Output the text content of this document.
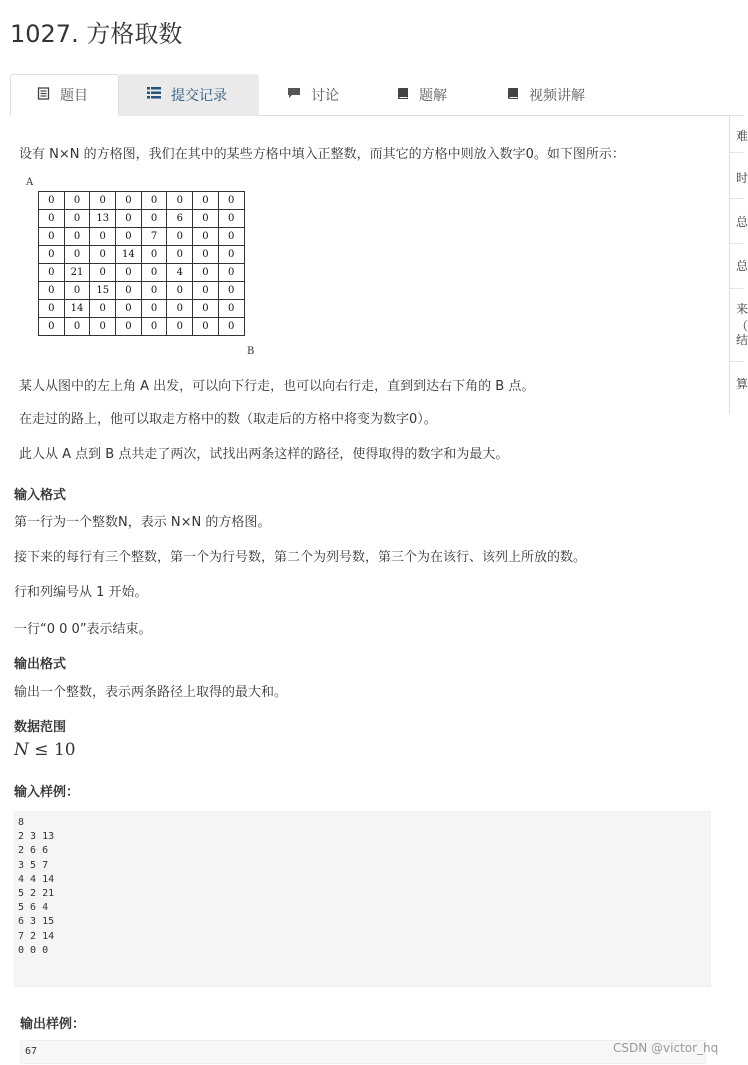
1027. 方格取数
题目	提交记录	讨论	题解	视频讲解
难
时
总
总
来
（
结
算
设有 N×N 的方格图，我们在其中的某些方格中填入正整数，而其它的方格中则放入数字0。如下图所示：
A
0	0	0	0	0	0	0	0
0	0	13	0	0	6	0	0
0	0	0	0	7	0	0	0
0	0	0	14	0	0	0	0
0	21	0	0	0	4	0	0
0	0	15	0	0	0	0	0
0	14	0	0	0	0	0	0
0	0	0	0	0	0	0	0
B
某人从图中的左上角 A 出发，可以向下行走，也可以向右行走，直到到达右下角的 B 点。
在走过的路上，他可以取走方格中的数（取走后的方格中将变为数字0）。
此人从 A 点到 B 点共走了两次，试找出两条这样的路径，使得取得的数字和为最大。
输入格式
第一行为一个整数N，表示 N×N 的方格图。
接下来的每行有三个整数，第一个为行号数，第二个为列号数，第三个为在该行、该列上所放的数。
行和列编号从 1 开始。
一行“0 0 0”表示结束。
输出格式
输出一个整数，表示两条路径上取得的最大和。
数据范围
N ≤ 10
输入样例：
8
2 3 13
2 6 6
3 5 7
4 4 14
5 2 21
5 6 4
6 3 15
7 2 14
0 0 0
输出样例：
67	CSDN @victor_hq
